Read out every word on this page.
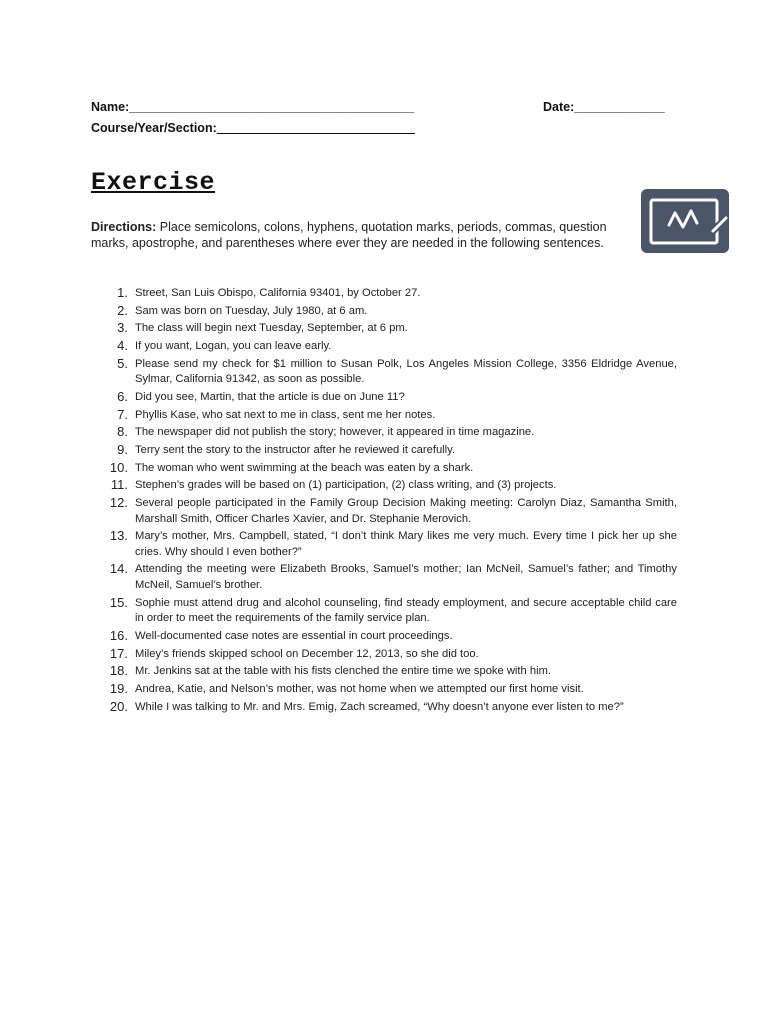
Name:_________________________________________	Date:_____________
Course/Year/Section: ____________________________
Exercise
Directions: Place semicolons, colons, hyphens, quotation marks, periods, commas, question marks, apostrophe, and parentheses where ever they are needed in the following sentences.
1. Street, San Luis Obispo, California 93401, by October 27.
2. Sam was born on Tuesday, July 1980, at 6 am.
3. The class will begin next Tuesday, September, at 6 pm.
4. If you want, Logan, you can leave early.
5. Please send my check for $1 million to Susan Polk, Los Angeles Mission College, 3356 Eldridge Avenue, Sylmar, California 91342, as soon as possible.
6. Did you see, Martin, that the article is due on June 11?
7. Phyllis Kase, who sat next to me in class, sent me her notes.
8. The newspaper did not publish the story; however, it appeared in time magazine.
9. Terry sent the story to the instructor after he reviewed it carefully.
10. The woman who went swimming at the beach was eaten by a shark.
11. Stephen’s grades will be based on (1) participation, (2) class writing, and (3) projects.
12. Several people participated in the Family Group Decision Making meeting: Carolyn Diaz, Samantha Smith, Marshall Smith, Officer Charles Xavier, and Dr. Stephanie Merovich.
13. Mary’s mother, Mrs. Campbell, stated, “I don’t think Mary likes me very much. Every time I pick her up she cries. Why should I even bother?”
14. Attending the meeting were Elizabeth Brooks, Samuel’s mother; Ian McNeil, Samuel’s father; and Timothy McNeil, Samuel’s brother.
15. Sophie must attend drug and alcohol counseling, find steady employment, and secure acceptable child care in order to meet the requirements of the family service plan.
16. Well-documented case notes are essential in court proceedings.
17. Miley’s friends skipped school on December 12, 2013, so she did too.
18. Mr. Jenkins sat at the table with his fists clenched the entire time we spoke with him.
19. Andrea, Katie, and Nelson’s mother, was not home when we attempted our first home visit.
20. While I was talking to Mr. and Mrs. Emig, Zach screamed, “Why doesn’t anyone ever listen to me?”
